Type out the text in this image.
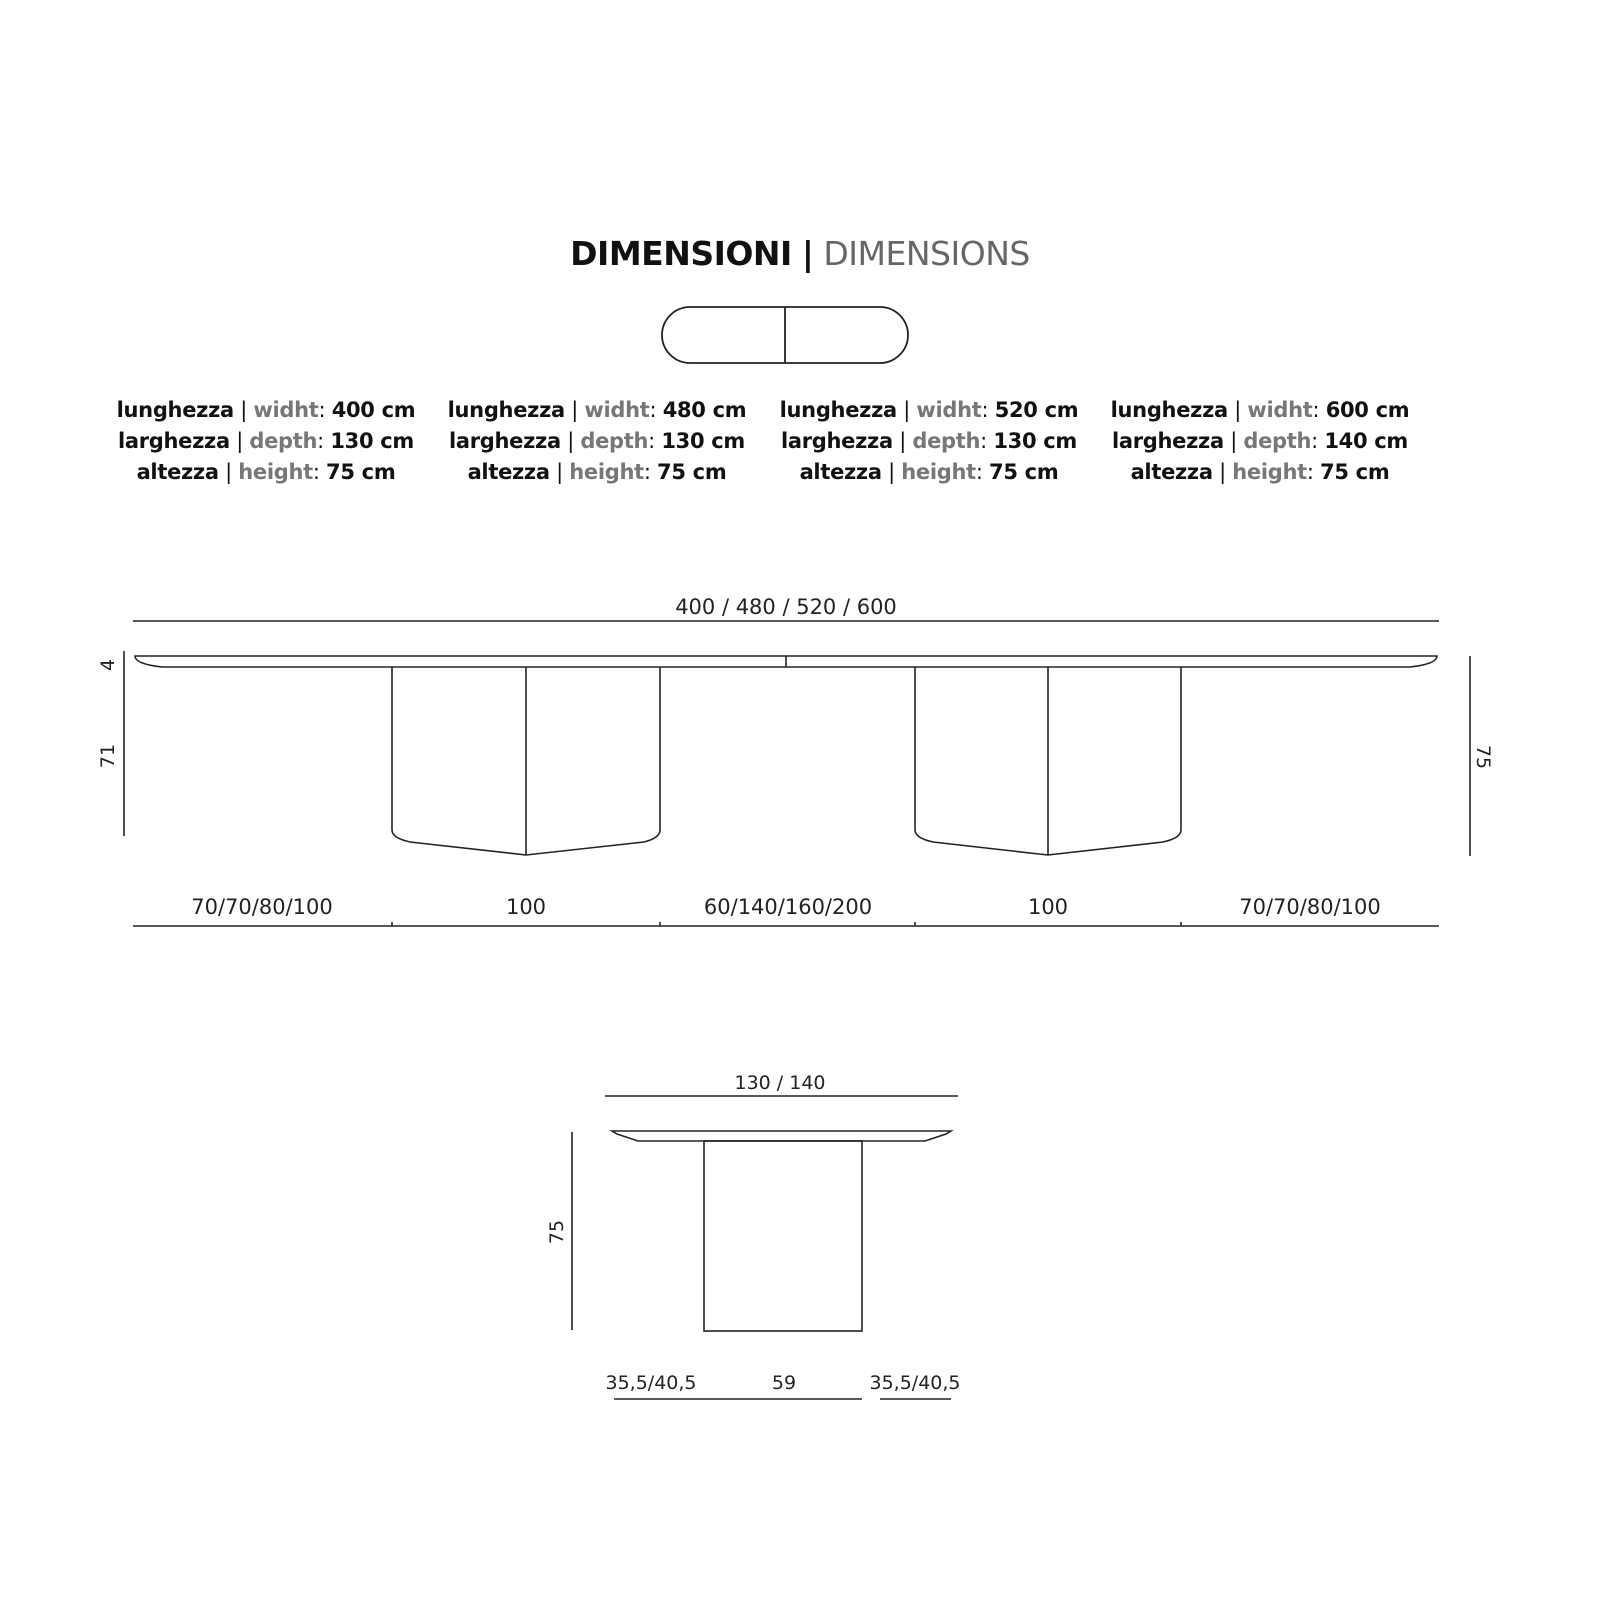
DIMENSIONI | DIMENSIONS
lunghezza | widht: 400 cm
larghezza | depth: 130 cm
altezza | height: 75 cm
lunghezza | widht: 480 cm
larghezza | depth: 130 cm
altezza | height: 75 cm
lunghezza | widht: 520 cm
larghezza | depth: 130 cm
altezza | height: 75 cm
lunghezza | widht: 600 cm
larghezza | depth: 140 cm
altezza | height: 75 cm
400 / 480 / 520 / 600
4
71	75
70/70/80/100	100	60/140/160/200	100	70/70/80/100
130 / 140
75
35,5/40,5	59	35,5/40,5
